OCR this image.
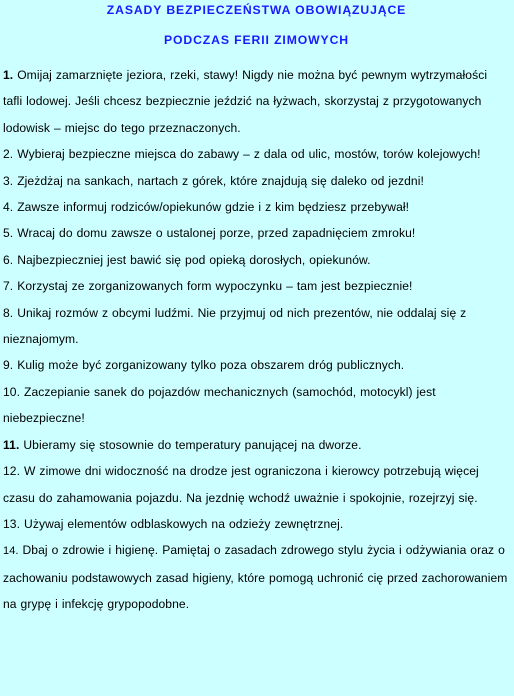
ZASADY BEZPIECZEŃSTWA OBOWIĄZUJĄCE
PODCZAS FERII ZIMOWYCH
1. Omijaj zamarznięte jeziora, rzeki, stawy! Nigdy nie można być pewnym wytrzymałości tafli lodowej. Jeśli chcesz bezpiecznie jeździć na łyżwach, skorzystaj z przygotowanych lodowisk – miejsc do tego przeznaczonych.
2. Wybieraj bezpieczne miejsca do zabawy – z dala od ulic, mostów, torów kolejowych!
3. Zjeżdżaj na sankach, nartach z górek, które znajdują się daleko od jezdni!
4. Zawsze informuj rodziców/opiekunów gdzie i z kim będziesz przebywał!
5. Wracaj do domu zawsze o ustalonej porze, przed zapadnięciem zmroku!
6. Najbezpieczniej jest bawić się pod opieką dorosłych, opiekunów.
7. Korzystaj ze zorganizowanych form wypoczynku – tam jest bezpiecznie!
8. Unikaj rozmów z obcymi ludźmi. Nie przyjmuj od nich prezentów, nie oddalaj się z nieznajomym.
9. Kulig może być zorganizowany tylko poza obszarem dróg publicznych.
10. Zaczepianie sanek do pojazdów mechanicznych (samochód, motocykl) jest niebezpieczne!
11. Ubieramy się stosownie do temperatury panującej na dworze.
12. W zimowe dni widoczność na drodze jest ograniczona i kierowcy potrzebują więcej czasu do zahamowania pojazdu. Na jezdnię wchodź uważnie i spokojnie, rozejrzyj się.
13. Używaj elementów odblaskowych na odzieży zewnętrznej.
14. Dbaj o zdrowie i higienę. Pamiętaj o zasadach zdrowego stylu życia i odżywiania oraz o zachowaniu podstawowych zasad higieny, które pomogą uchronić cię przed zachorowaniem na grypę i infekcję grypopodobne.
